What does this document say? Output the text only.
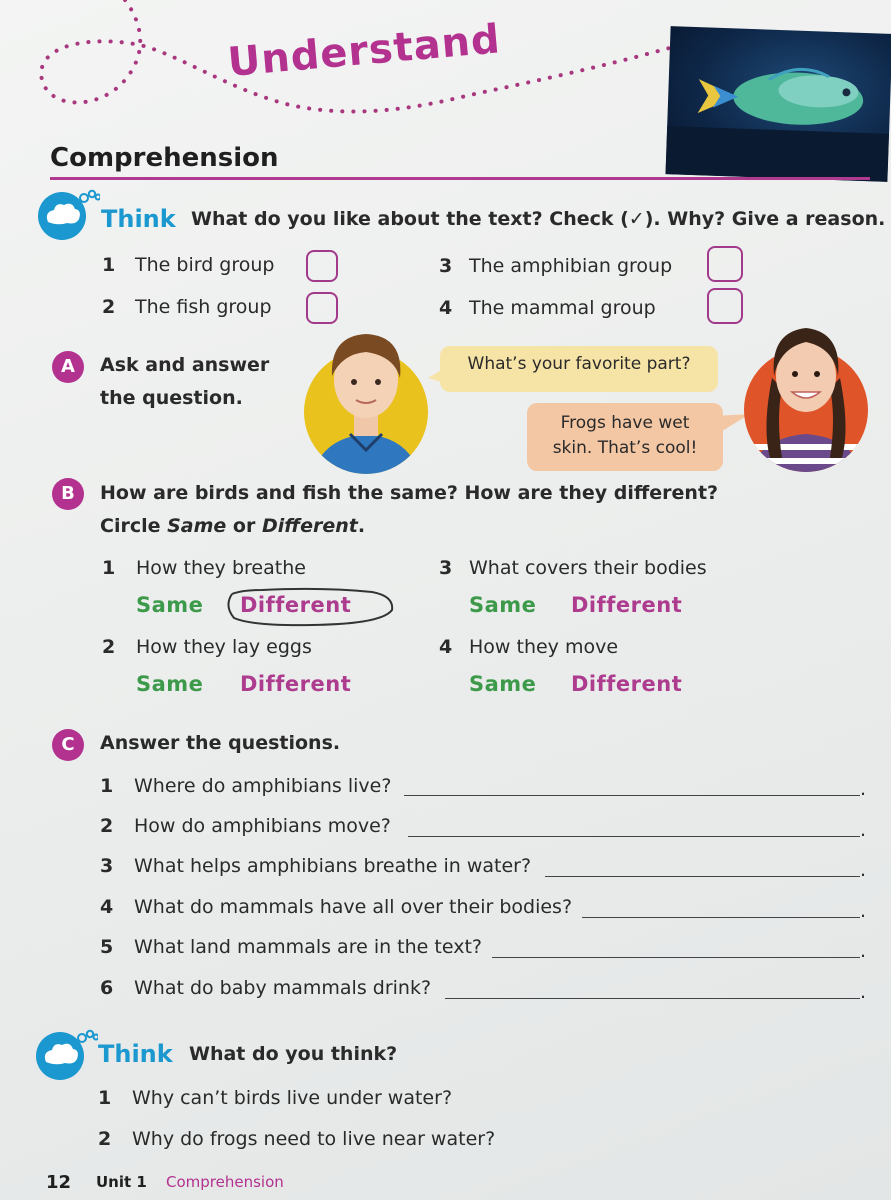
Understand
Comprehension
Think What do you like about the text? Check (✓). Why? Give a reason.
1 The bird group
2 The fish group
3 The amphibian group
4 The mammal group
A	Ask and answer
the question.
What’s your favorite part?
Frogs have wet
skin. That’s cool!
B	How are birds and fish the same? How are they different?
Circle Same or Different.
1 How they breathe
Same Different
2 How they lay eggs
Same Different
3 What covers their bodies
Same Different
4 How they move
Same Different
C	Answer the questions.
1 Where do amphibians live?	.
2 How do amphibians move?	.
3 What helps amphibians breathe in water?	.
4 What do mammals have all over their bodies?	.
5 What land mammals are in the text?	.
6 What do baby mammals drink?	.
Think What do you think?
1 Why can’t birds live under water?
2 Why do frogs need to live near water?
12 Unit 1 Comprehension
